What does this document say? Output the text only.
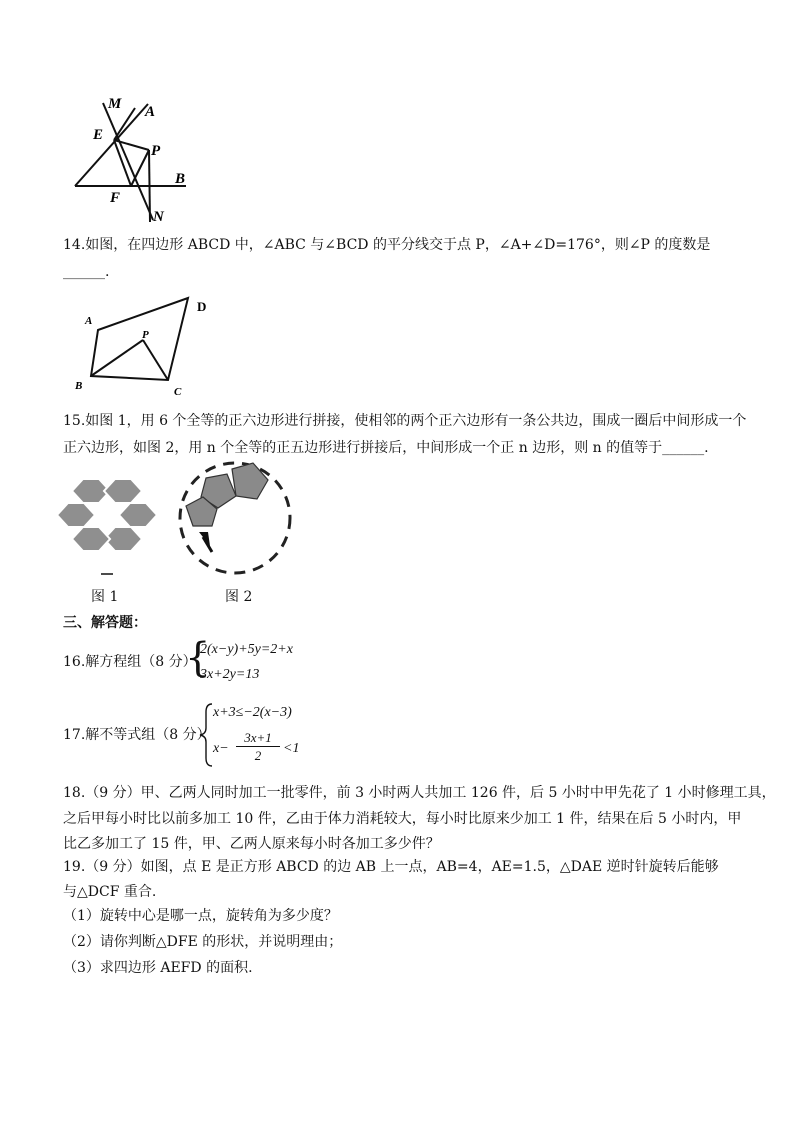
M A
E
P
B
F
N
14.如图，在四边形 ABCD 中，∠ABC 与∠BCD 的平分线交于点 P，∠A+∠D=176°，则∠P 的度数是
______.
A
D
P
B	C
15.如图 1，用 6 个全等的正六边形进行拼接，使相邻的两个正六边形有一条公共边，围成一圈后中间形成一个
正六边形，如图 2，用 n 个全等的正五边形进行拼接后，中间形成一个正 n 边形，则 n 的值等于______.
图 1	图 2
三、解答题：
16.解方程组（8 分）
{
2(x−y)+5y=2+x
3x+2y=13
17.解不等式组（8 分）
x+3≤−2(x−3)
x−
3x+1
2	<1
18.（9 分）甲、乙两人同时加工一批零件，前 3 小时两人共加工 126 件，后 5 小时中甲先花了 1 小时修理工具，
之后甲每小时比以前多加工 10 件，乙由于体力消耗较大，每小时比原来少加工 1 件，结果在后 5 小时内，甲
比乙多加工了 15 件，甲、乙两人原来每小时各加工多少件？
19.（9 分）如图，点 E 是正方形 ABCD 的边 AB 上一点，AB=4，AE=1.5，△DAE 逆时针旋转后能够
与△DCF 重合.
（1）旋转中心是哪一点，旋转角为多少度？
（2）请你判断△DFE 的形状，并说明理由；
（3）求四边形 AEFD 的面积.
